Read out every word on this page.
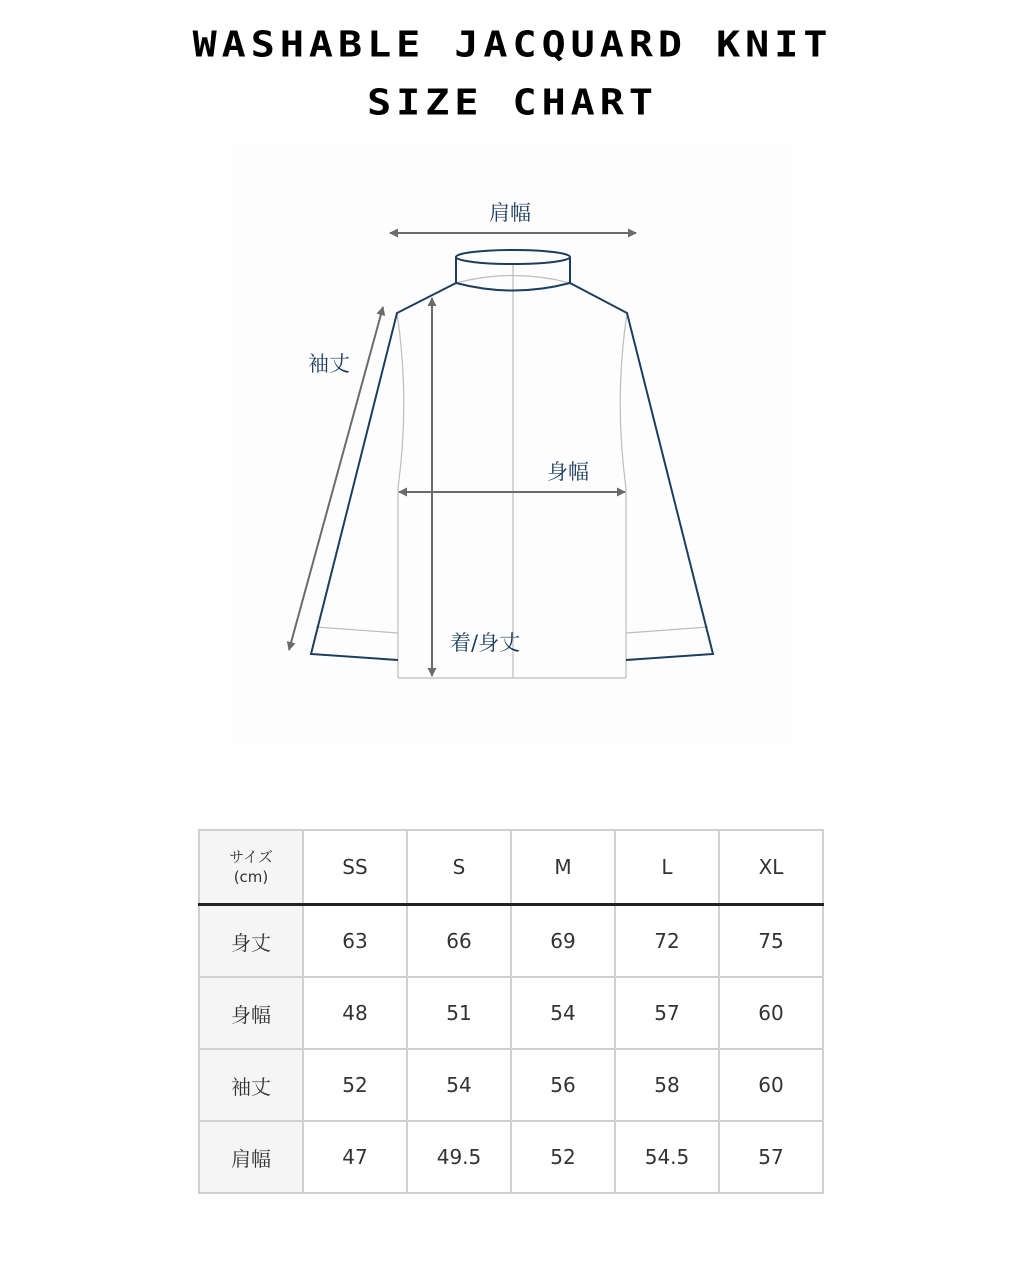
WASHABLE JACQUARD KNIT
SIZE CHART
肩幅
袖丈
身幅
着/身丈
サイズ
(cm)	SS	S	M	L	XL
身丈	63	66	69	72	75
身幅	48	51	54	57	60
袖丈	52	54	56	58	60
肩幅	47	49.5	52	54.5	57
